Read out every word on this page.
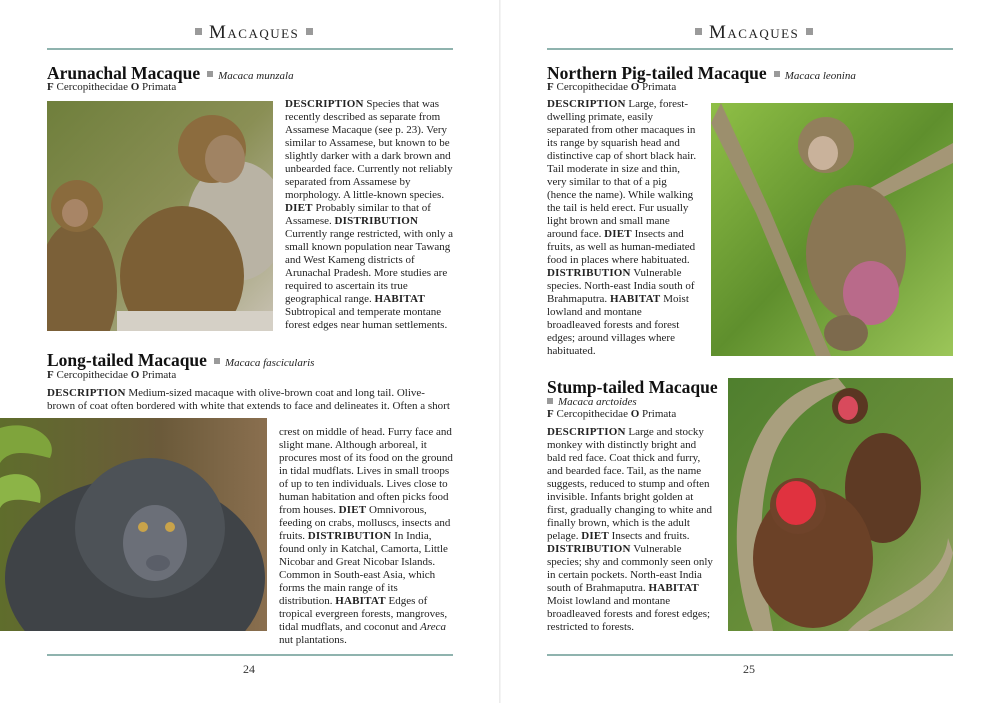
Macaques
Arunachal Macaque Macaca munzala
F Cercopithecidae O Primata
DESCRIPTION Species that was recently described as separate from Assamese Macaque (see p. 23). Very similar to Assamese, but known to be slightly darker with a dark brown and unbearded face. Currently not reliably separated from Assamese by morphology. A little-known species. DIET Probably similar to that of Assamese. DISTRIBUTION Currently range restricted, with only a small known population near Tawang and West Kameng districts of Arunachal Pradesh. More studies are required to ascertain its true geographical range. HABITAT Subtropical and temperate montane forest edges near human settlements.
Long-tailed Macaque Macaca fascicularis
F Cercopithecidae O Primata
DESCRIPTION Medium-sized macaque with olive-brown coat and long tail. Olive-brown of coat often bordered with white that extends to face and delineates it. Often a short
crest on middle of head. Furry face and slight mane. Although arboreal, it procures most of its food on the ground in tidal mudflats. Lives in small troops of up to ten individuals. Lives close to human habitation and often picks food from houses. DIET Omnivorous, feeding on crabs, molluscs, insects and fruits. DISTRIBUTION In India, found only in Katchal, Camorta, Little Nicobar and Great Nicobar Islands. Common in South-east Asia, which forms the main range of its distribution. HABITAT Edges of tropical evergreen forests, mangroves, tidal mudflats, and coconut and Areca nut plantations.
24
Macaques
Northern Pig-tailed Macaque Macaca leonina
F Cercopithecidae O Primata
DESCRIPTION Large, forest-dwelling primate, easily separated from other macaques in its range by squarish head and distinctive cap of short black hair. Tail moderate in size and thin, very similar to that of a pig (hence the name). While walking the tail is held erect. Fur usually light brown and small mane around face. DIET Insects and fruits, as well as human-mediated food in places where habituated. DISTRIBUTION Vulnerable species. North-east India south of Brahmaputra. HABITAT Moist lowland and montane broadleaved forests and forest edges; around villages where habituated.
Stump-tailed Macaque
Macaca arctoides
F Cercopithecidae O Primata
DESCRIPTION Large and stocky monkey with distinctly bright and bald red face. Coat thick and furry, and bearded face. Tail, as the name suggests, reduced to stump and often invisible. Infants bright golden at first, gradually changing to white and finally brown, which is the adult pelage. DIET Insects and fruits. DISTRIBUTION Vulnerable species; shy and commonly seen only in certain pockets. North-east India south of Brahmaputra. HABITAT Moist lowland and montane broadleaved forests and forest edges; restricted to forests.
25
